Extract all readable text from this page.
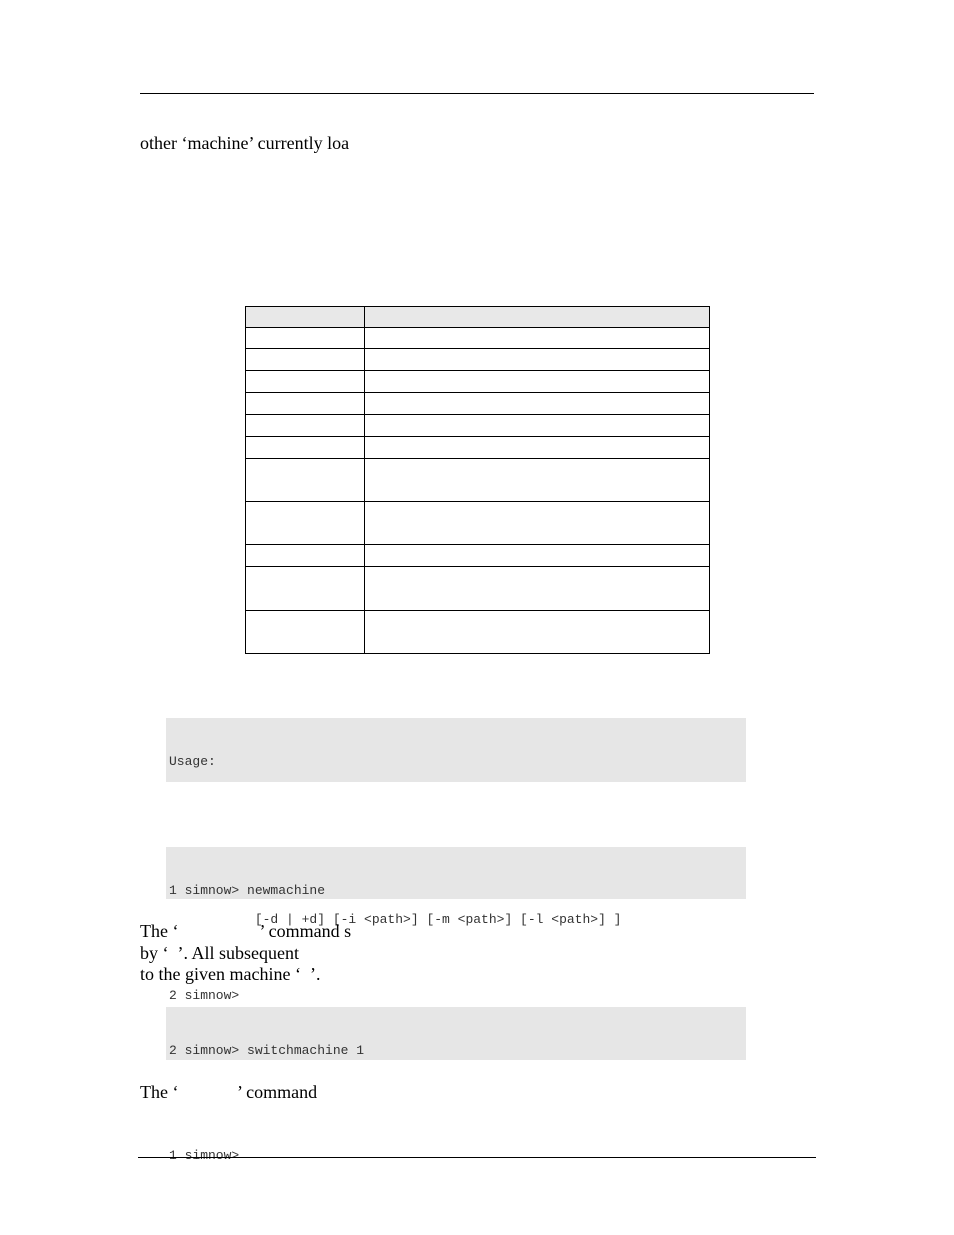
other ‘machine’ currently loa

Usage:

[-d | +d] [-i <path>] [-m <path>] [-l <path>] ]

1 simnow> newmachine

2 simnow>

The ‘                  ’ command s
by ‘  ’. All subsequent
to the given machine ‘  ’.

2 simnow> switchmachine 1

1 simnow>

The ‘             ’ command
